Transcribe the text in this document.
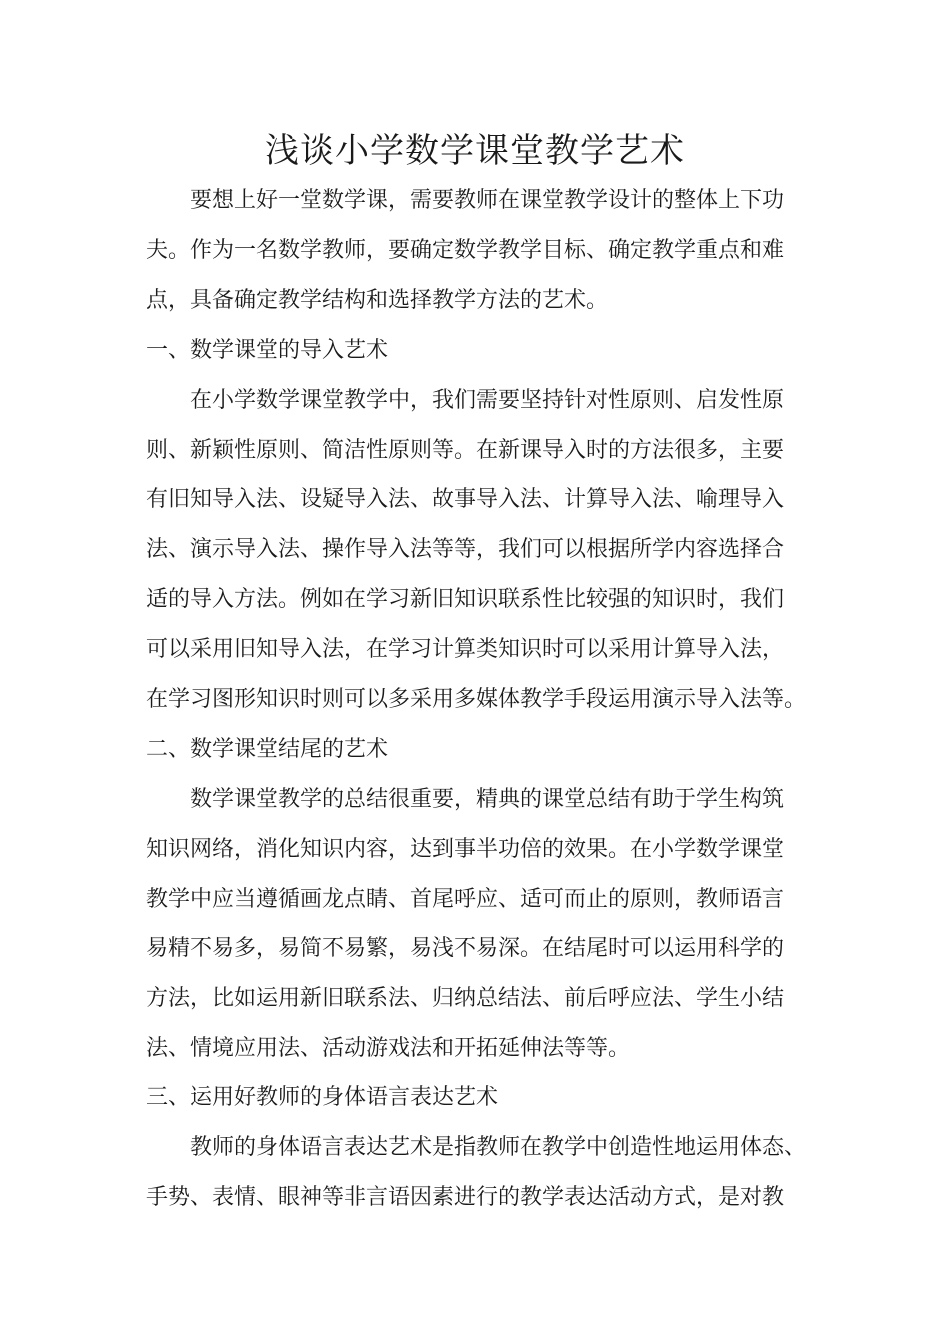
浅谈小学数学课堂教学艺术
要想上好一堂数学课，需要教师在课堂教学设计的整体上下功
夫。作为一名数学教师，要确定数学教学目标、确定教学重点和难
点，具备确定教学结构和选择教学方法的艺术。
一、数学课堂的导入艺术
在小学数学课堂教学中，我们需要坚持针对性原则、启发性原
则、新颖性原则、简洁性原则等。在新课导入时的方法很多，主要
有旧知导入法、设疑导入法、故事导入法、计算导入法、喻理导入
法、演示导入法、操作导入法等等，我们可以根据所学内容选择合
适的导入方法。例如在学习新旧知识联系性比较强的知识时，我们
可以采用旧知导入法，在学习计算类知识时可以采用计算导入法，
在学习图形知识时则可以多采用多媒体教学手段运用演示导入法等。
二、数学课堂结尾的艺术
数学课堂教学的总结很重要，精典的课堂总结有助于学生构筑
知识网络，消化知识内容，达到事半功倍的效果。在小学数学课堂
教学中应当遵循画龙点睛、首尾呼应、适可而止的原则，教师语言
易精不易多，易简不易繁，易浅不易深。在结尾时可以运用科学的
方法，比如运用新旧联系法、归纳总结法、前后呼应法、学生小结
法、情境应用法、活动游戏法和开拓延伸法等等。
三、运用好教师的身体语言表达艺术
教师的身体语言表达艺术是指教师在教学中创造性地运用体态、
手势、表情、眼神等非言语因素进行的教学表达活动方式，是对教
